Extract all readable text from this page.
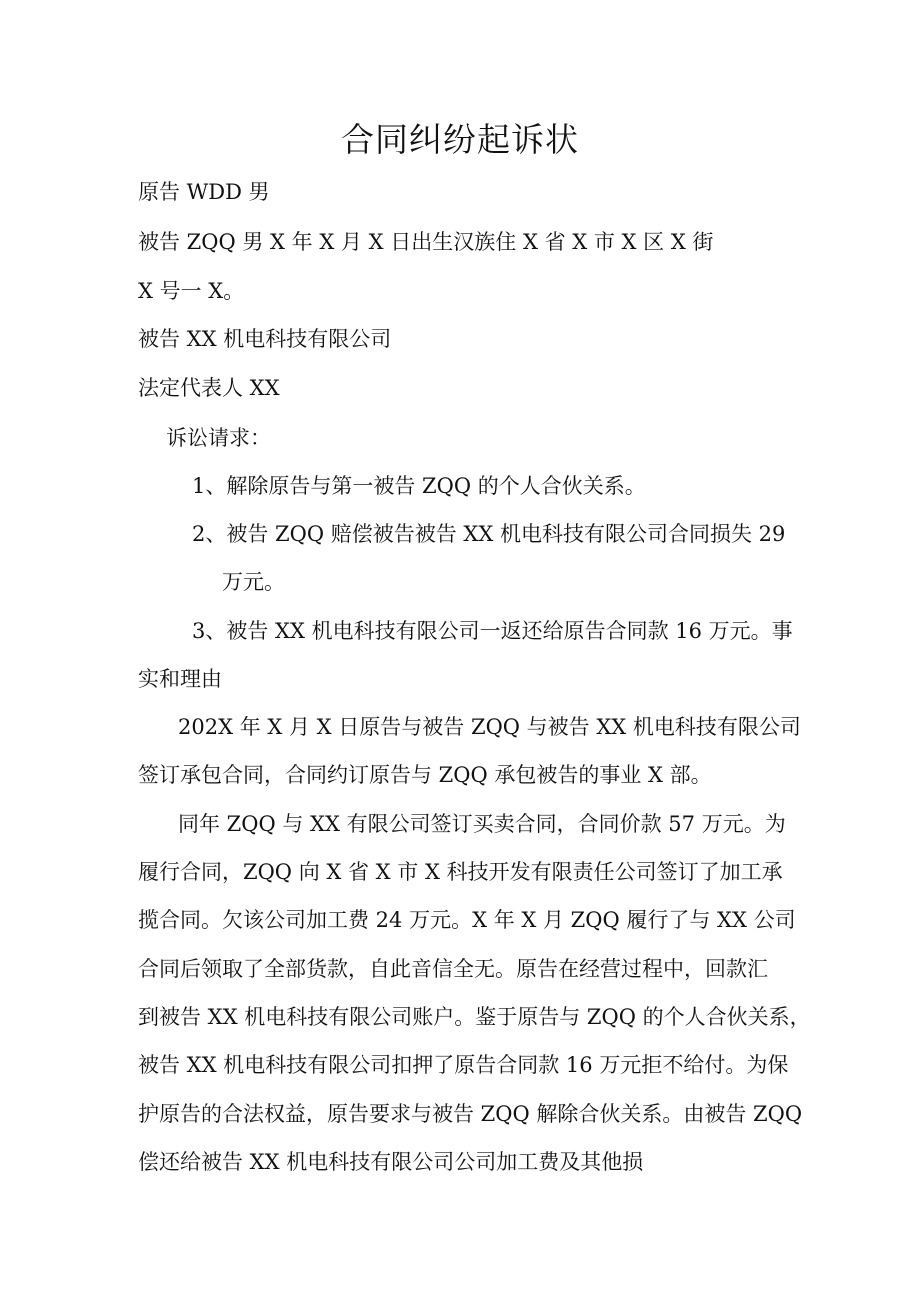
合同纠纷起诉状

原告 WDD 男

被告 ZQQ 男 X 年 X 月 X 日出生汉族住 X 省 X 市 X 区 X 街

X 号一 X。

被告 XX 机电科技有限公司

法定代表人 XX

诉讼请求：

1、解除原告与第一被告 ZQQ 的个人合伙关系。

2、被告 ZQQ 赔偿被告被告 XX 机电科技有限公司合同损失 29

万元。

3、被告 XX 机电科技有限公司一返还给原告合同款 16 万元。事

实和理由

202X 年 X 月 X 日原告与被告 ZQQ 与被告 XX 机电科技有限公司

签订承包合同，合同约订原告与 ZQQ 承包被告的事业 X 部。

同年 ZQQ 与 XX 有限公司签订买卖合同，合同价款 57 万元。为

履行合同，ZQQ 向 X 省 X 市 X 科技开发有限责任公司签订了加工承

揽合同。欠该公司加工费 24 万元。X 年 X 月 ZQQ 履行了与 XX 公司

合同后领取了全部货款，自此音信全无。原告在经营过程中，回款汇

到被告 XX 机电科技有限公司账户。鉴于原告与 ZQQ 的个人合伙关系，

被告 XX 机电科技有限公司扣押了原告合同款 16 万元拒不给付。为保

护原告的合法权益，原告要求与被告 ZQQ 解除合伙关系。由被告 ZQQ

偿还给被告 XX 机电科技有限公司公司加工费及其他损
